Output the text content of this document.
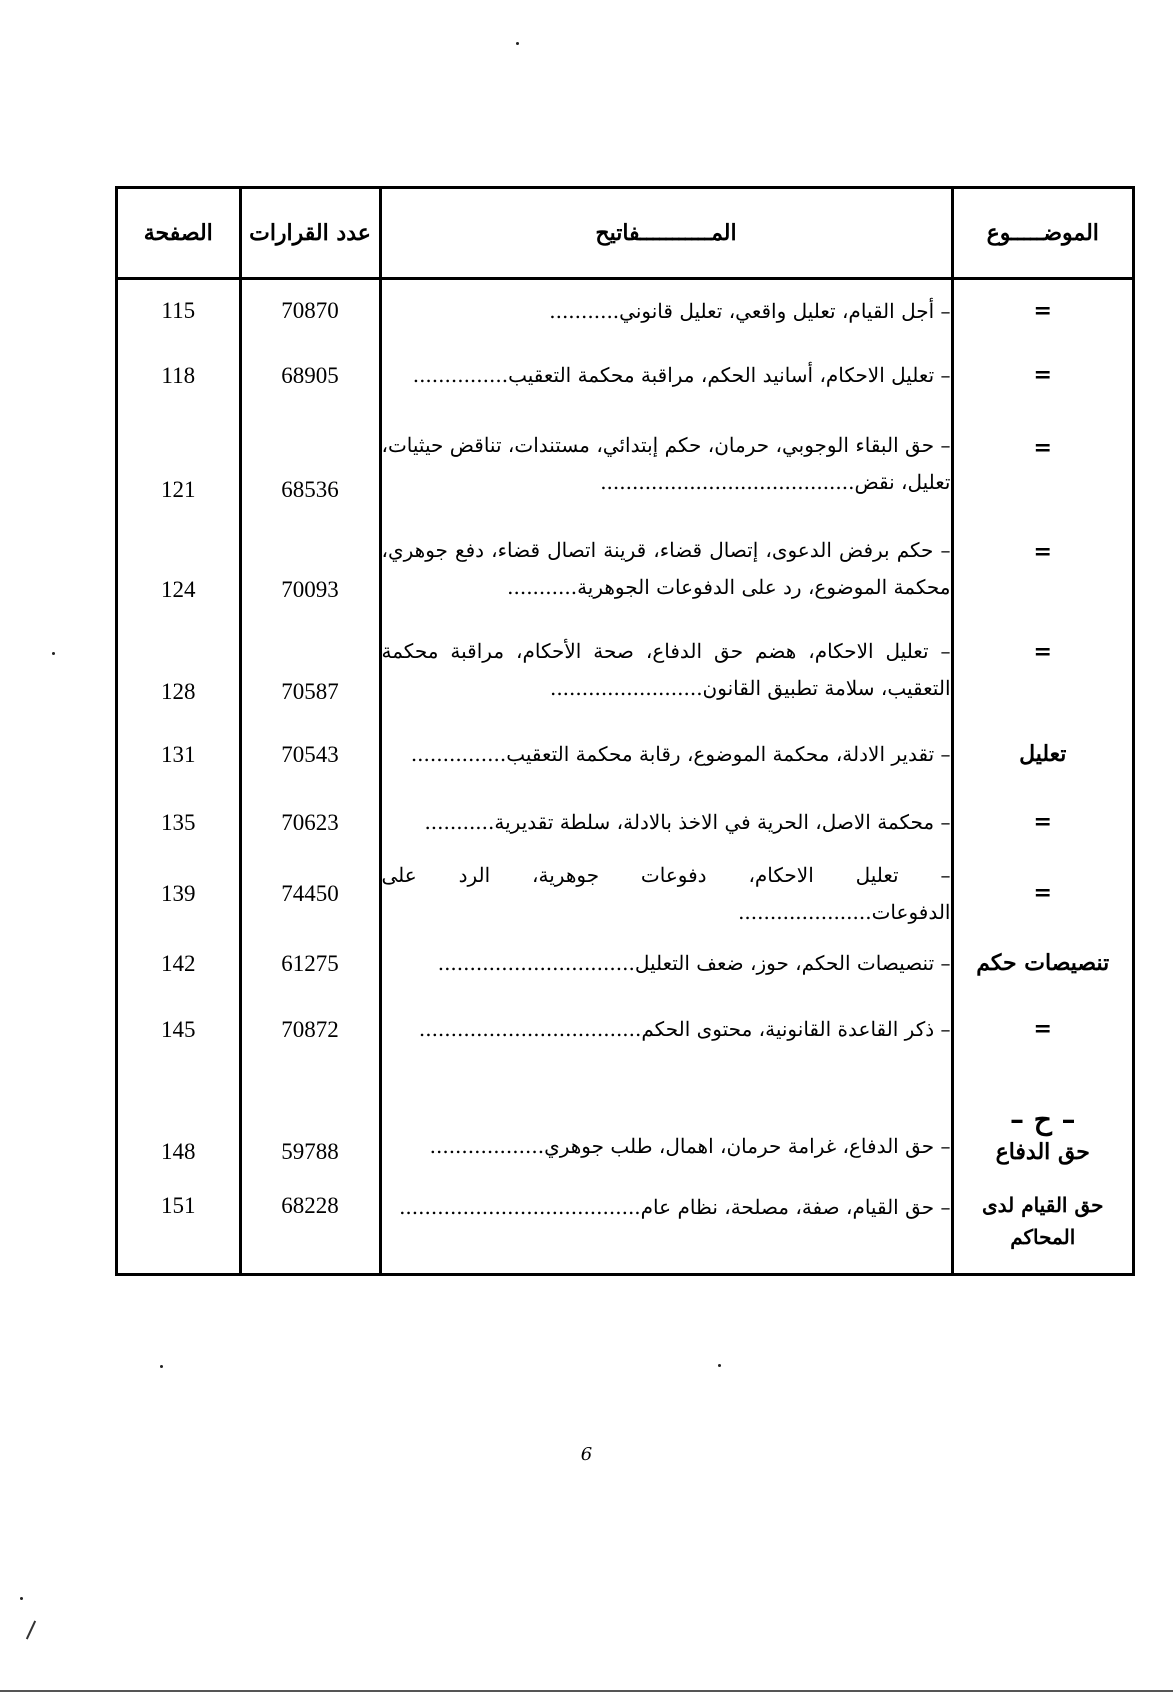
الموضـــــوع	المـــــــــــفاتيح	عدد القرارات	الصفحة
=	– أجل القيام، تعليل واقعي، تعليل قانوني...........	70870	115
=	– تعليل الاحكام، أسانيد الحكم، مراقبة محكمة التعقيب...............	68905	118
=	– حق البقاء الوجوبي، حرمان، حكم إبتدائي، مستندات، تناقض حيثيات، تعليل، نقض........................................	68536	121
=	– حكم برفض الدعوى، إتصال قضاء، قرينة اتصال قضاء، دفع جوهري، محكمة الموضوع، رد على الدفوعات الجوهرية...........	70093	124
=	– تعليل الاحكام، هضم حق الدفاع، صحة الأحكام، مراقبة محكمة التعقيب، سلامة تطبيق القانون........................	70587	128
تعليل	– تقدير الادلة، محكمة الموضوع، رقابة محكمة التعقيب...............	70543	131
=	– محكمة الاصل، الحرية في الاخذ بالادلة، سلطة تقديرية...........	70623	135
=	– تعليل الاحكام، دفوعات جوهرية، الرد على الدفوعات.....................	74450	139
تنصيصات حكم	– تنصيصات الحكم، حوز، ضعف التعليل...............................	61275	142
=	– ذكر القاعدة القانونية، محتوى الحكم...................................	70872	145

– ح –
حق الدفاع	– حق الدفاع، غرامة حرمان، اهمال، طلب جوهري..................	59788	148
حق القيام لدى المحاكم	– حق القيام، صفة، مصلحة، نظام عام......................................	68228	151
6
